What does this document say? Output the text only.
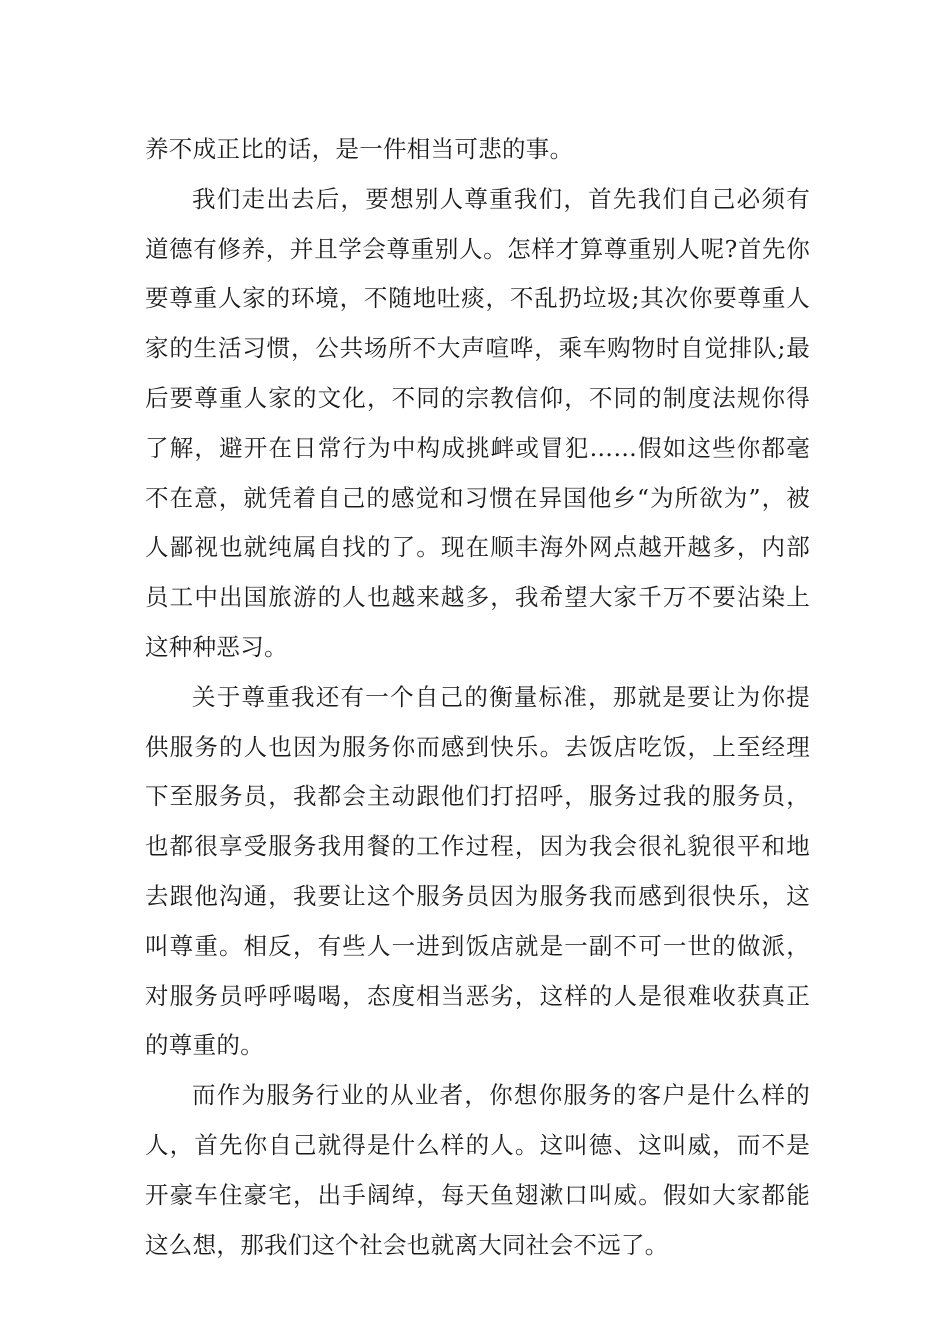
养不成正比的话，是一件相当可悲的事。

我们走出去后，要想别人尊重我们，首先我们自己必须有道德有修养，并且学会尊重别人。怎样才算尊重别人呢?首先你要尊重人家的环境，不随地吐痰，不乱扔垃圾;其次你要尊重人家的生活习惯，公共场所不大声喧哗，乘车购物时自觉排队;最后要尊重人家的文化，不同的宗教信仰，不同的制度法规你得了解，避开在日常行为中构成挑衅或冒犯……假如这些你都毫不在意，就凭着自己的感觉和习惯在异国他乡“为所欲为”，被人鄙视也就纯属自找的了。现在顺丰海外网点越开越多，内部员工中出国旅游的人也越来越多，我希望大家千万不要沾染上这种种恶习。

关于尊重我还有一个自己的衡量标准，那就是要让为你提供服务的人也因为服务你而感到快乐。去饭店吃饭，上至经理下至服务员，我都会主动跟他们打招呼，服务过我的服务员，也都很享受服务我用餐的工作过程，因为我会很礼貌很平和地去跟他沟通，我要让这个服务员因为服务我而感到很快乐，这叫尊重。相反，有些人一进到饭店就是一副不可一世的做派，对服务员呼呼喝喝，态度相当恶劣，这样的人是很难收获真正的尊重的。

而作为服务行业的从业者，你想你服务的客户是什么样的人，首先你自己就得是什么样的人。这叫德、这叫威，而不是开豪车住豪宅，出手阔绰，每天鱼翅漱口叫威。假如大家都能这么想，那我们这个社会也就离大同社会不远了。
